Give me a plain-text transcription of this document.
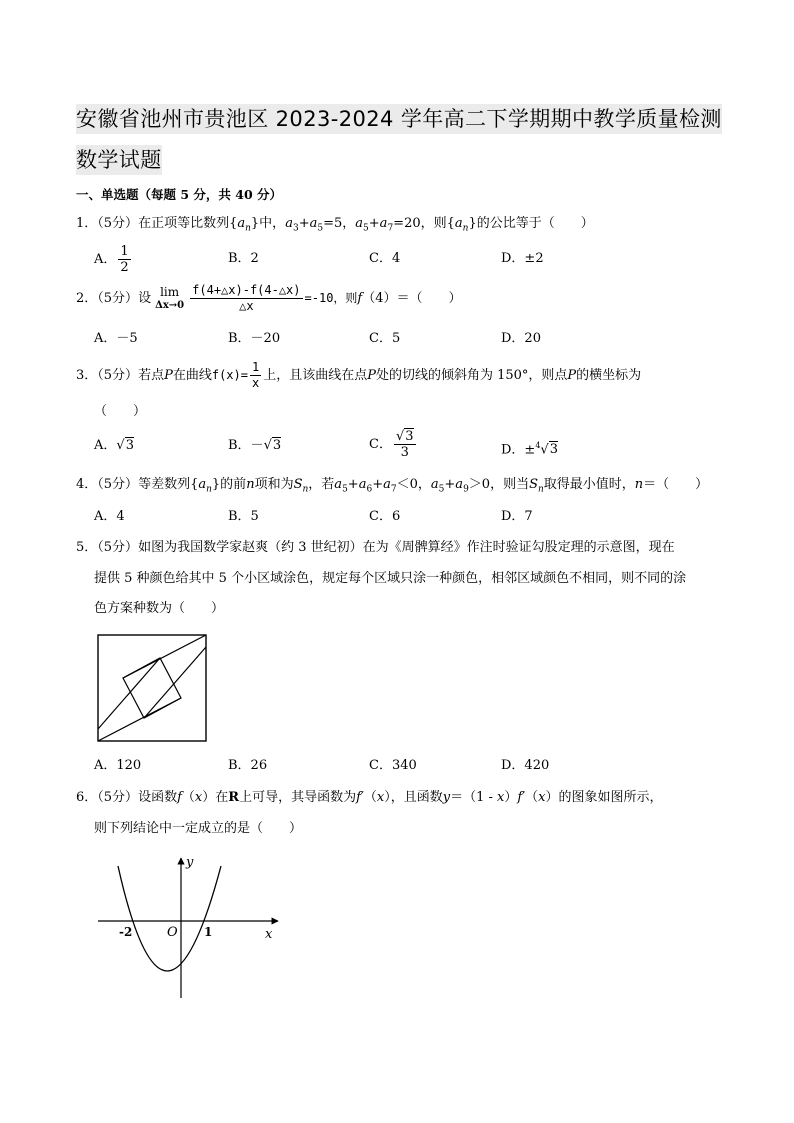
安徽省池州市贵池区 2023-2024 学年高二下学期期中教学质量检测
数学试题
一、单选题（每题 5 分，共 40 分）
1．（5分）在正项等比数列$\{a_n\}$中，$a_3+a_5=5$，$a_5+a_7=20$，则$\{a_n\}$的公比等于（　　）
A． $\frac{1}{2}$	B．2	C．4	D．±2
2．（5分）设 lim
$\Delta x\to 0 \frac{f(4+\triangle x)-f(4-\triangle x)}{\triangle x} =-10$，则f（4）＝（　　）
A．－5	B．－20	C．5	D．20
3．（5分）若点P在曲线$f(x)= \frac{1}{x}$ 上，且该曲线在点P处的切线的倾斜角为 150°，则点P的横坐标为
（　　）
A．√3	B．－√3	C． $\frac{√3}{3}$	D．±$^4$√3
4．（5分）等差数列$\{a_n\}$的前n项和为$S_n$，若$a_5+a_6+a_7<0$，$a_5+a_9>0$，则当$S_n$取得最小值时，n＝（　　）
A．4	B．5	C．6	D．7
5．（5分）如图为我国数学家赵爽（约 3 世纪初）在为《周髀算经》作注时验证勾股定理的示意图，现在
提供 5 种颜色给其中 5 个小区域涂色，规定每个区域只涂一种颜色，相邻区域颜色不相同，则不同的涂
色方案种数为（　　）
A．120	B．26	C．340	D．420
6．（5分）设函数f（x）在R上可导，其导函数为f′（x），且函数y＝（1 - x）f′（x）的图象如图所示，
则下列结论中一定成立的是（　　）
y
x
O
-2	1
